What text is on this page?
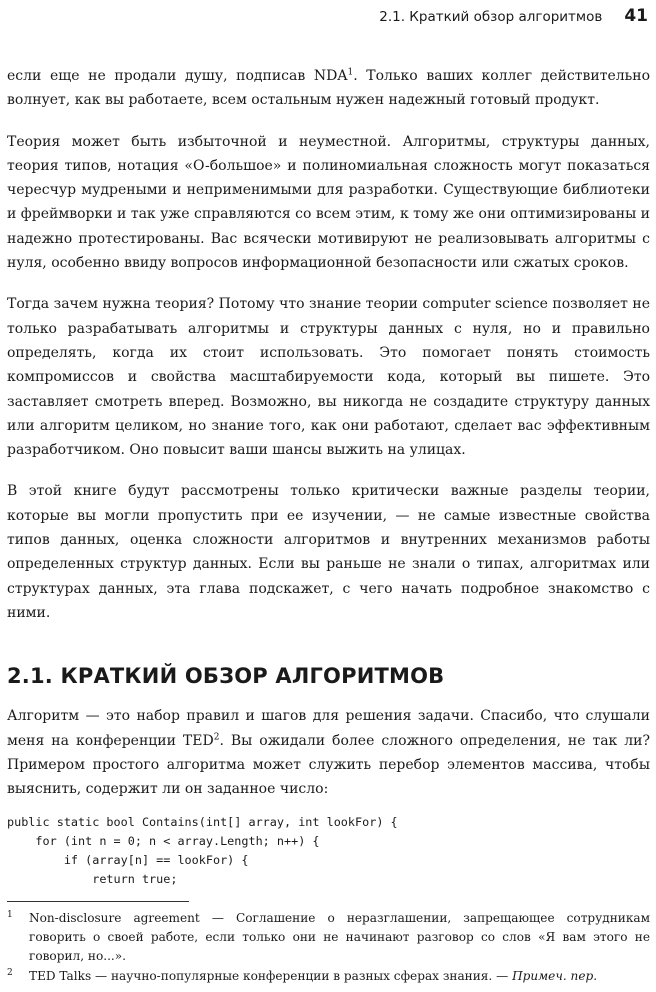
2.1. Краткий обзор алгоритмов 41

если еще не продали душу, подписав NDA$^1$. Только ваших коллег действительно волнует, как вы работаете, всем остальным нужен надежный готовый продукт.

Теория может быть избыточной и неуместной. Алгоритмы, структуры данных, теория типов, нотация «O-большое» и полиномиальная сложность могут показаться чересчур мудреными и неприменимыми для разработки. Существующие библиотеки и фреймворки и так уже справляются со всем этим, к тому же они оптимизированы и надежно протестированы. Вас всячески мотивируют не реализовывать алгоритмы с нуля, особенно ввиду вопросов информационной безопасности или сжатых сроков.

Тогда зачем нужна теория? Потому что знание теории computer science позволяет не только разрабатывать алгоритмы и структуры данных с нуля, но и правильно определять, когда их стоит использовать. Это помогает понять стоимость компромиссов и свойства масштабируемости кода, который вы пишете. Это заставляет смотреть вперед. Возможно, вы никогда не создадите структуру данных или алгоритм целиком, но знание того, как они работают, сделает вас эффективным разработчиком. Оно повысит ваши шансы выжить на улицах.

В этой книге будут рассмотрены только критически важные разделы теории, которые вы могли пропустить при ее изучении, — не самые известные свойства типов данных, оценка сложности алгоритмов и внутренних механизмов работы определенных структур данных. Если вы раньше не знали о типах, алгоритмах или структурах данных, эта глава подскажет, с чего начать подробное знакомство с ними.

2.1. КРАТКИЙ ОБЗОР АЛГОРИТМОВ

Алгоритм — это набор правил и шагов для решения задачи. Спасибо, что слушали меня на конференции TED$^2$. Вы ожидали более сложного определения, не так ли? Примером простого алгоритма может служить перебор элементов массива, чтобы выяснить, содержит ли он заданное число:

public static bool Contains(int[] array, int lookFor) {
for (int n = 0; n < array.Length; n++) {
if (array[n] == lookFor) {
return true;
1 Non-disclosure agreement — Соглашение о неразглашении, запрещающее сотрудникам говорить о своей работе, если только они не начинают разговор со слов «Я вам этого не говорил, но...».
2 TED Talks — научно-популярные конференции в разных сферах знания. — Примеч. пер.
